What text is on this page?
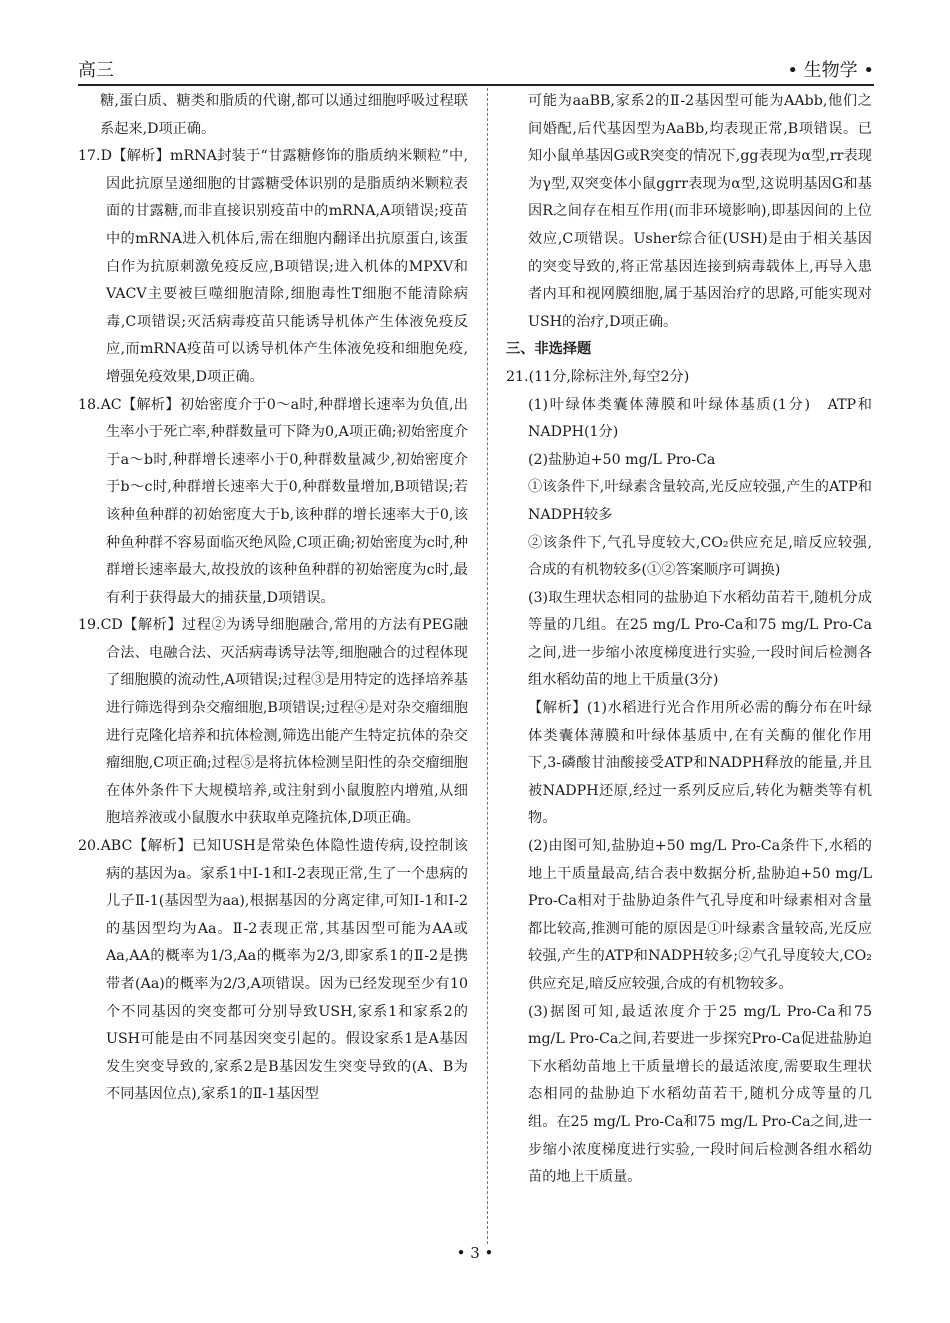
高三	• 生物学 •

糖,蛋白质、糖类和脂质的代谢,都可以通过细胞呼吸过程联系起来,D项正确。

17.D【解析】mRNA封装于“甘露糖修饰的脂质纳米颗粒”中,因此抗原呈递细胞的甘露糖受体识别的是脂质纳米颗粒表面的甘露糖,而非直接识别疫苗中的mRNA,A项错误;疫苗中的mRNA进入机体后,需在细胞内翻译出抗原蛋白,该蛋白作为抗原刺激免疫反应,B项错误;进入机体的MPXV和VACV主要被巨噬细胞清除,细胞毒性T细胞不能清除病毒,C项错误;灭活病毒疫苗只能诱导机体产生体液免疫反应,而mRNA疫苗可以诱导机体产生体液免疫和细胞免疫,增强免疫效果,D项正确。

18.AC【解析】初始密度介于0～a时,种群增长速率为负值,出生率小于死亡率,种群数量可下降为0,A项正确;初始密度介于a～b时,种群增长速率小于0,种群数量减少,初始密度介于b～c时,种群增长速率大于0,种群数量增加,B项错误;若该种鱼种群的初始密度大于b,该种群的增长速率大于0,该种鱼种群不容易面临灭绝风险,C项正确;初始密度为c时,种群增长速率最大,故投放的该种鱼种群的初始密度为c时,最有利于获得最大的捕获量,D项错误。

19.CD【解析】过程②为诱导细胞融合,常用的方法有PEG融合法、电融合法、灭活病毒诱导法等,细胞融合的过程体现了细胞膜的流动性,A项错误;过程③是用特定的选择培养基进行筛选得到杂交瘤细胞,B项错误;过程④是对杂交瘤细胞进行克隆化培养和抗体检测,筛选出能产生特定抗体的杂交瘤细胞,C项正确;过程⑤是将抗体检测呈阳性的杂交瘤细胞在体外条件下大规模培养,或注射到小鼠腹腔内增殖,从细胞培养液或小鼠腹水中获取单克隆抗体,D项正确。

20.ABC【解析】已知USH是常染色体隐性遗传病,设控制该病的基因为a。家系1中Ⅰ-1和Ⅰ-2表现正常,生了一个患病的儿子Ⅱ-1(基因型为aa),根据基因的分离定律,可知Ⅰ-1和Ⅰ-2的基因型均为Aa。Ⅱ-2表现正常,其基因型可能为AA或Aa,AA的概率为1/3,Aa的概率为2/3,即家系1的Ⅱ-2是携带者(Aa)的概率为2/3,A项错误。因为已经发现至少有10个不同基因的突变都可分别导致USH,家系1和家系2的USH可能是由不同基因突变引起的。假设家系1是A基因发生突变导致的,家系2是B基因发生突变导致的(A、B为不同基因位点),家系1的Ⅱ-1基因型

可能为aaBB,家系2的Ⅱ-2基因型可能为AAbb,他们之间婚配,后代基因型为AaBb,均表现正常,B项错误。已知小鼠单基因G或R突变的情况下,gg表现为α型,rr表现为γ型,双突变体小鼠ggrr表现为α型,这说明基因G和基因R之间存在相互作用(而非环境影响),即基因间的上位效应,C项错误。Usher综合征(USH)是由于相关基因的突变导致的,将正常基因连接到病毒载体上,再导入患者内耳和视网膜细胞,属于基因治疗的思路,可能实现对USH的治疗,D项正确。

三、非选择题

21.(11分,除标注外,每空2分)

(1)叶绿体类囊体薄膜和叶绿体基质(1分)　ATP和NADPH(1分)

(2)盐胁迫+50 mg/L Pro-Ca

①该条件下,叶绿素含量较高,光反应较强,产生的ATP和NADPH较多

②该条件下,气孔导度较大,CO₂供应充足,暗反应较强,合成的有机物较多(①②答案顺序可调换)

(3)取生理状态相同的盐胁迫下水稻幼苗若干,随机分成等量的几组。在25 mg/L Pro-Ca和75 mg/L Pro-Ca之间,进一步缩小浓度梯度进行实验,一段时间后检测各组水稻幼苗的地上干质量(3分)

【解析】(1)水稻进行光合作用所必需的酶分布在叶绿体类囊体薄膜和叶绿体基质中,在有关酶的催化作用下,3-磷酸甘油酸接受ATP和NADPH释放的能量,并且被NADPH还原,经过一系列反应后,转化为糖类等有机物。

(2)由图可知,盐胁迫+50 mg/L Pro-Ca条件下,水稻的地上干质量最高,结合表中数据分析,盐胁迫+50 mg/L Pro-Ca相对于盐胁迫条件气孔导度和叶绿素相对含量都比较高,推测可能的原因是①叶绿素含量较高,光反应较强,产生的ATP和NADPH较多;②气孔导度较大,CO₂供应充足,暗反应较强,合成的有机物较多。

(3)据图可知,最适浓度介于25 mg/L Pro-Ca和75 mg/L Pro-Ca之间,若要进一步探究Pro-Ca促进盐胁迫下水稻幼苗地上干质量增长的最适浓度,需要取生理状态相同的盐胁迫下水稻幼苗若干,随机分成等量的几组。在25 mg/L Pro-Ca和75 mg/L Pro-Ca之间,进一步缩小浓度梯度进行实验,一段时间后检测各组水稻幼苗的地上干质量。

• 3 •
